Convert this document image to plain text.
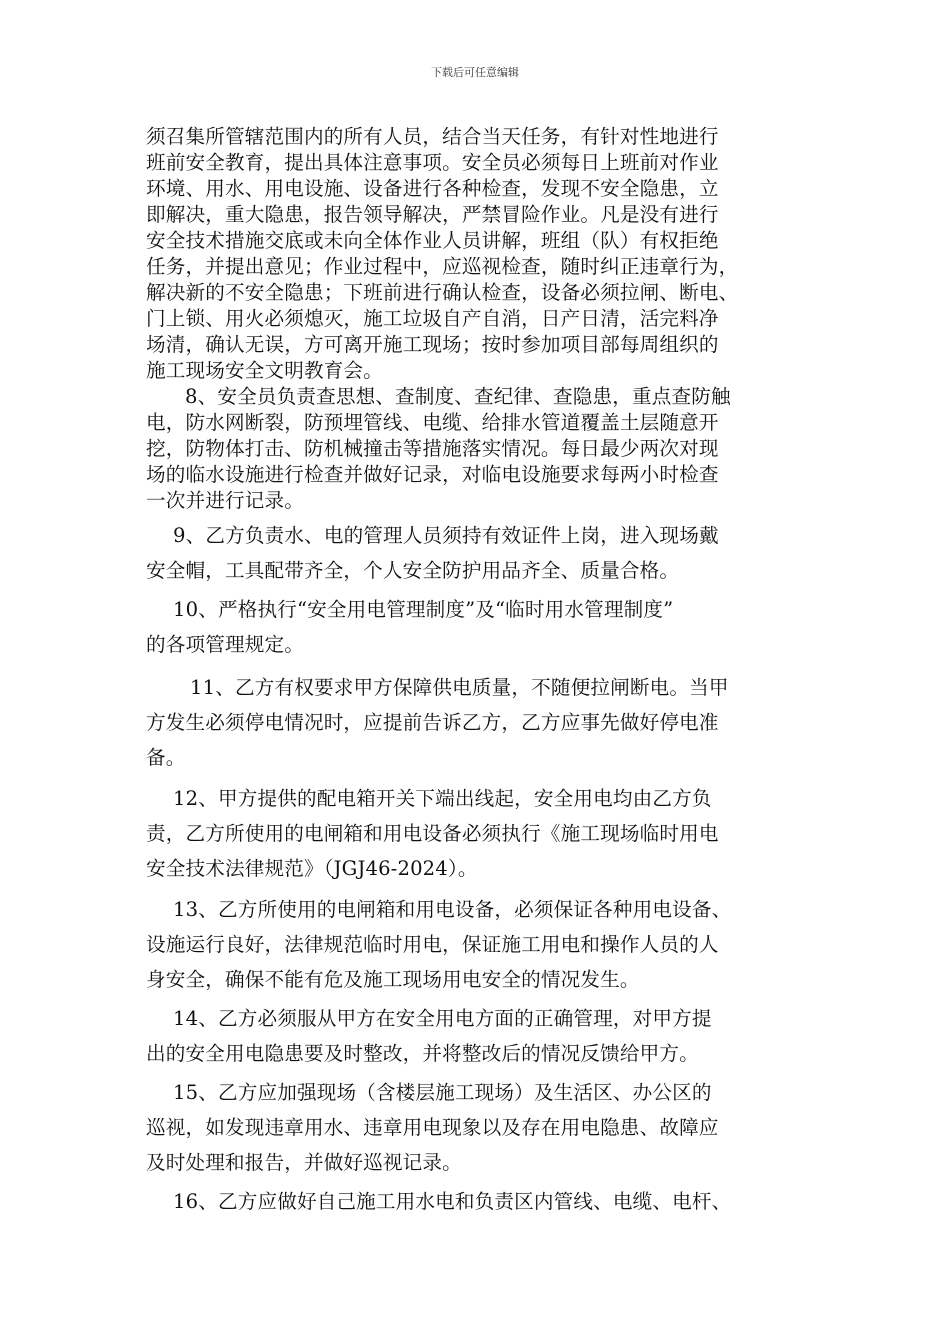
下载后可任意编辑

须召集所管辖范围内的所有人员，结合当天任务，有针对性地进行
班前安全教育，提出具体注意事项。安全员必须每日上班前对作业
环境、用水、用电设施、设备进行各种检查，发现不安全隐患，立
即解决，重大隐患，报告领导解决，严禁冒险作业。凡是没有进行
安全技术措施交底或未向全体作业人员讲解，班组（队）有权拒绝
任务，并提出意见；作业过程中，应巡视检查，随时纠正违章行为，
解决新的不安全隐患；下班前进行确认检查，设备必须拉闸、断电、
门上锁、用火必须熄灭，施工垃圾自产自消，日产日清，活完料净
场清，确认无误，方可离开施工现场；按时参加项目部每周组织的
施工现场安全文明教育会。

8、安全员负责查思想、查制度、查纪律、查隐患，重点查防触
电，防水网断裂，防预埋管线、电缆、给排水管道覆盖土层随意开
挖，防物体打击、防机械撞击等措施落实情况。每日最少两次对现
场的临水设施进行检查并做好记录，对临电设施要求每两小时检查
一次并进行记录。

9、乙方负责水、电的管理人员须持有效证件上岗，进入现场戴
安全帽，工具配带齐全，个人安全防护用品齐全、质量合格。

10、严格执行“安全用电管理制度”及“临时用水管理制度”
的各项管理规定。

11、乙方有权要求甲方保障供电质量，不随便拉闸断电。当甲
方发生必须停电情况时，应提前告诉乙方，乙方应事先做好停电准
备。

12、甲方提供的配电箱开关下端出线起，安全用电均由乙方负
责，乙方所使用的电闸箱和用电设备必须执行《施工现场临时用电
安全技术法律规范》（JGJ46-2024）。

13、乙方所使用的电闸箱和用电设备，必须保证各种用电设备、
设施运行良好，法律规范临时用电，保证施工用电和操作人员的人
身安全，确保不能有危及施工现场用电安全的情况发生。

14、乙方必须服从甲方在安全用电方面的正确管理，对甲方提
出的安全用电隐患要及时整改，并将整改后的情况反馈给甲方。

15、乙方应加强现场（含楼层施工现场）及生活区、办公区的
巡视，如发现违章用水、违章用电现象以及存在用电隐患、故障应
及时处理和报告，并做好巡视记录。

16、乙方应做好自己施工用水电和负责区内管线、电缆、电杆、
